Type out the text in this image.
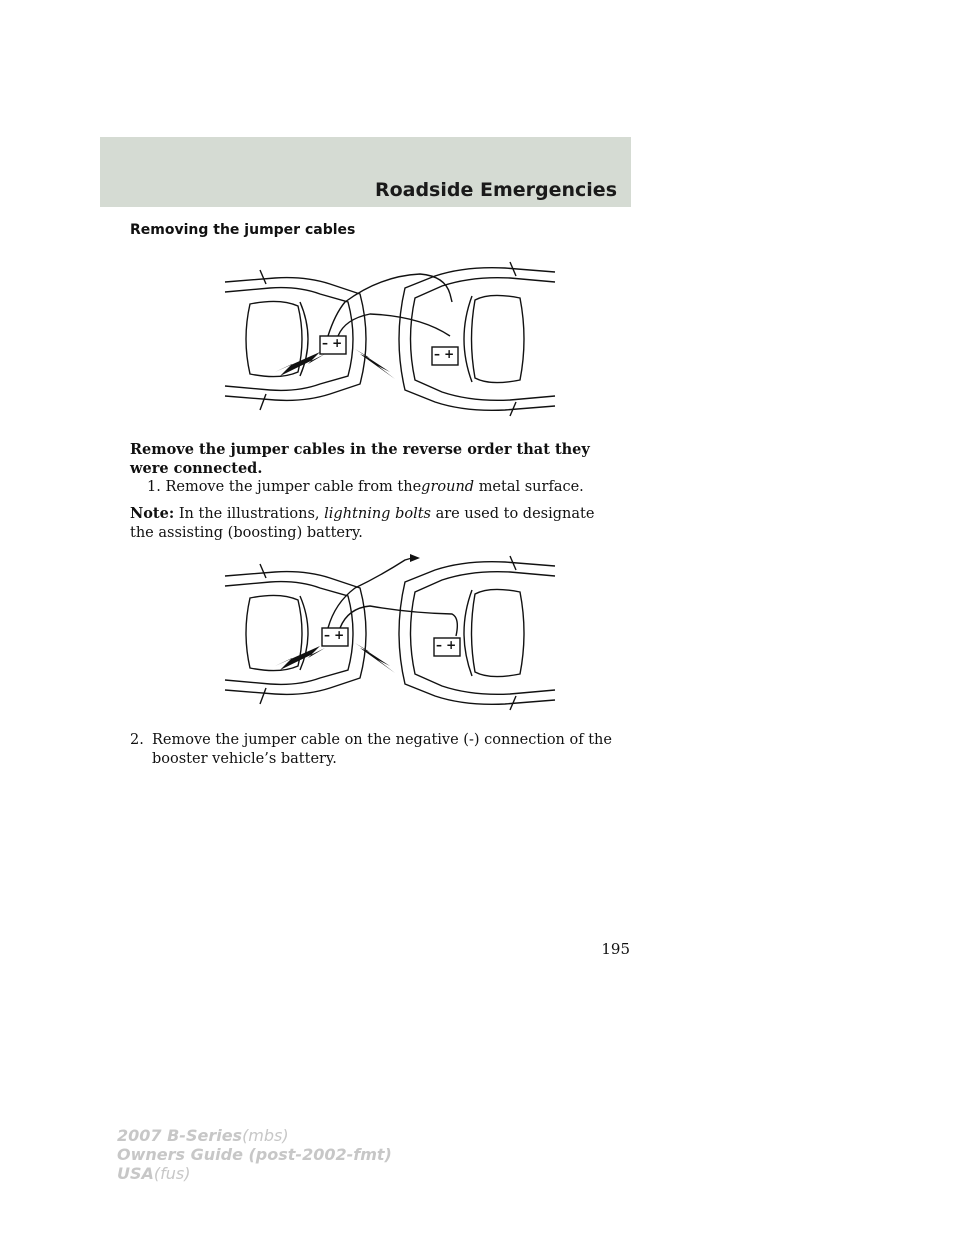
Roadside Emergencies
Removing the jumper cables
– +
– +
Remove the jumper cables in the reverse order that they were connected.
1. Remove the jumper cable from theground metal surface.
Note: In the illustrations, lightning bolts are used to designate the assisting (boosting) battery.
– +
– +
2. Remove the jumper cable on the negative (-) connection of the
booster vehicle’s battery.
195
2007 B-Series(mbs)
Owners Guide (post-2002-fmt)
USA(fus)
